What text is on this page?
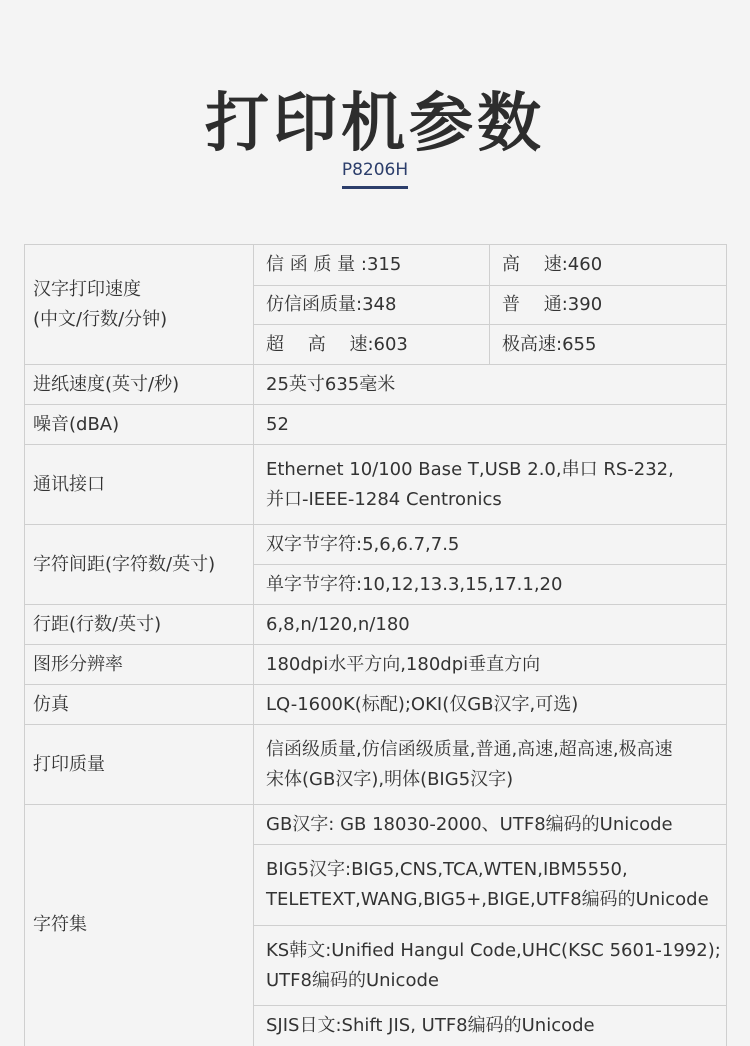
打印机参数
P8206H
汉字打印速度
(中文/行数/分钟)	信 函 质 量 :315	高　 速:460
	仿信函质量:348	普　 通:390
	超　 高　 速:603	极高速:655
进纸速度(英寸/秒)	25英寸635毫米	
噪音(dBA)	52	
通讯接口	Ethernet 10/100 Base T,USB 2.0,串口 RS-232,
并口-IEEE-1284 Centronics	

字符间距(字符数/英寸)	双字节字符:5,6,6.7,7.5	
	单字节字符:10,12,13.3,15,17.1,20	
行距(行数/英寸)	6,8,n/120,n/180	
图形分辨率	180dpi水平方向,180dpi垂直方向	
仿真	LQ-1600K(标配);OKI(仅GB汉字,可选)	
打印质量	信函级质量,仿信函级质量,普通,高速,超高速,极高速
宋体(GB汉字),明体(BIG5汉字)	

字符集	GB汉字: GB 18030-2000、UTF8编码的Unicode	

	BIG5汉字:BIG5,CNS,TCA,WTEN,IBM5550,
TELETEXT,WANG,BIG5+,BIGE,UTF8编码的Unicode	

	KS韩文:Unified Hangul Code,UHC(KSC 5601-1992);
UTF8编码的Unicode	

	SJIS日文:Shift JIS, UTF8编码的Unicode	
